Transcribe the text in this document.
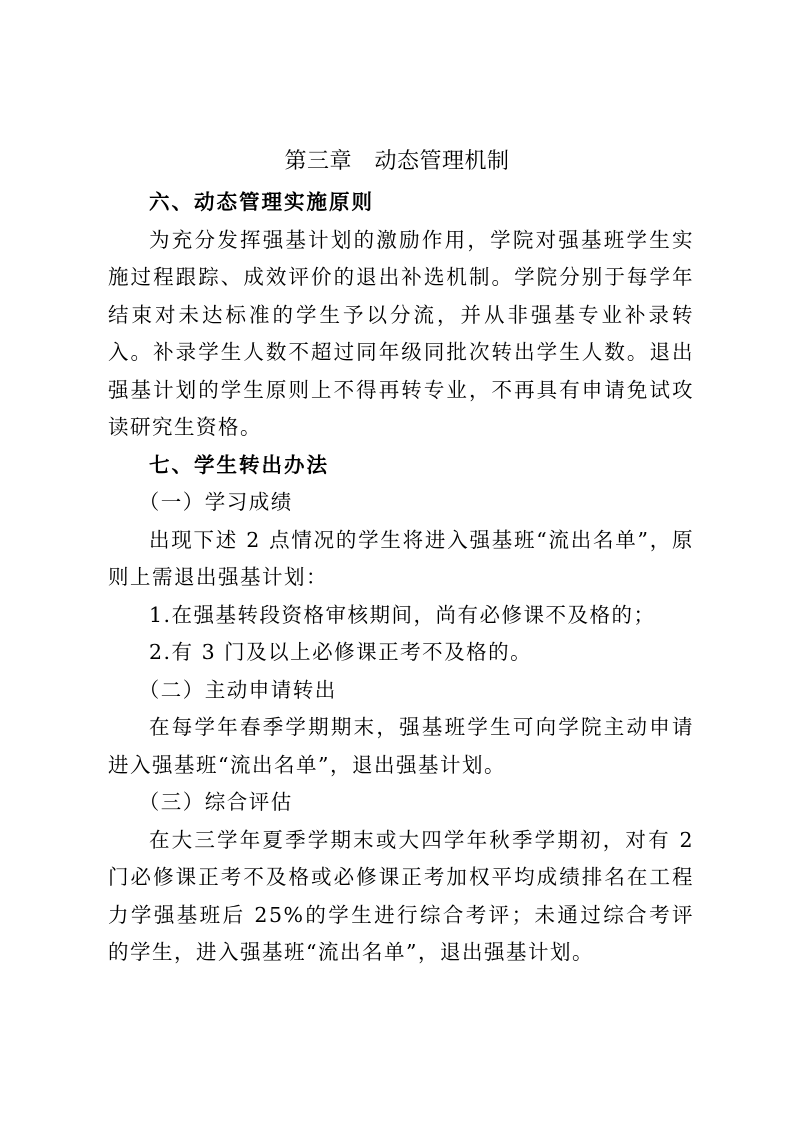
第三章　动态管理机制

六、动态管理实施原则

为充分发挥强基计划的激励作用，学院对强基班学生实施过程跟踪、成效评价的退出补选机制。学院分别于每学年结束对未达标准的学生予以分流，并从非强基专业补录转入。补录学生人数不超过同年级同批次转出学生人数。退出强基计划的学生原则上不得再转专业，不再具有申请免试攻读研究生资格。

七、学生转出办法

（一）学习成绩

出现下述 2 点情况的学生将进入强基班“流出名单”，原则上需退出强基计划：

1.在强基转段资格审核期间，尚有必修课不及格的；

2.有 3 门及以上必修课正考不及格的。

（二）主动申请转出

在每学年春季学期期末，强基班学生可向学院主动申请进入强基班“流出名单”，退出强基计划。

（三）综合评估

在大三学年夏季学期末或大四学年秋季学期初，对有 2 门必修课正考不及格或必修课正考加权平均成绩排名在工程力学强基班后 25%的学生进行综合考评；未通过综合考评的学生，进入强基班“流出名单”，退出强基计划。
